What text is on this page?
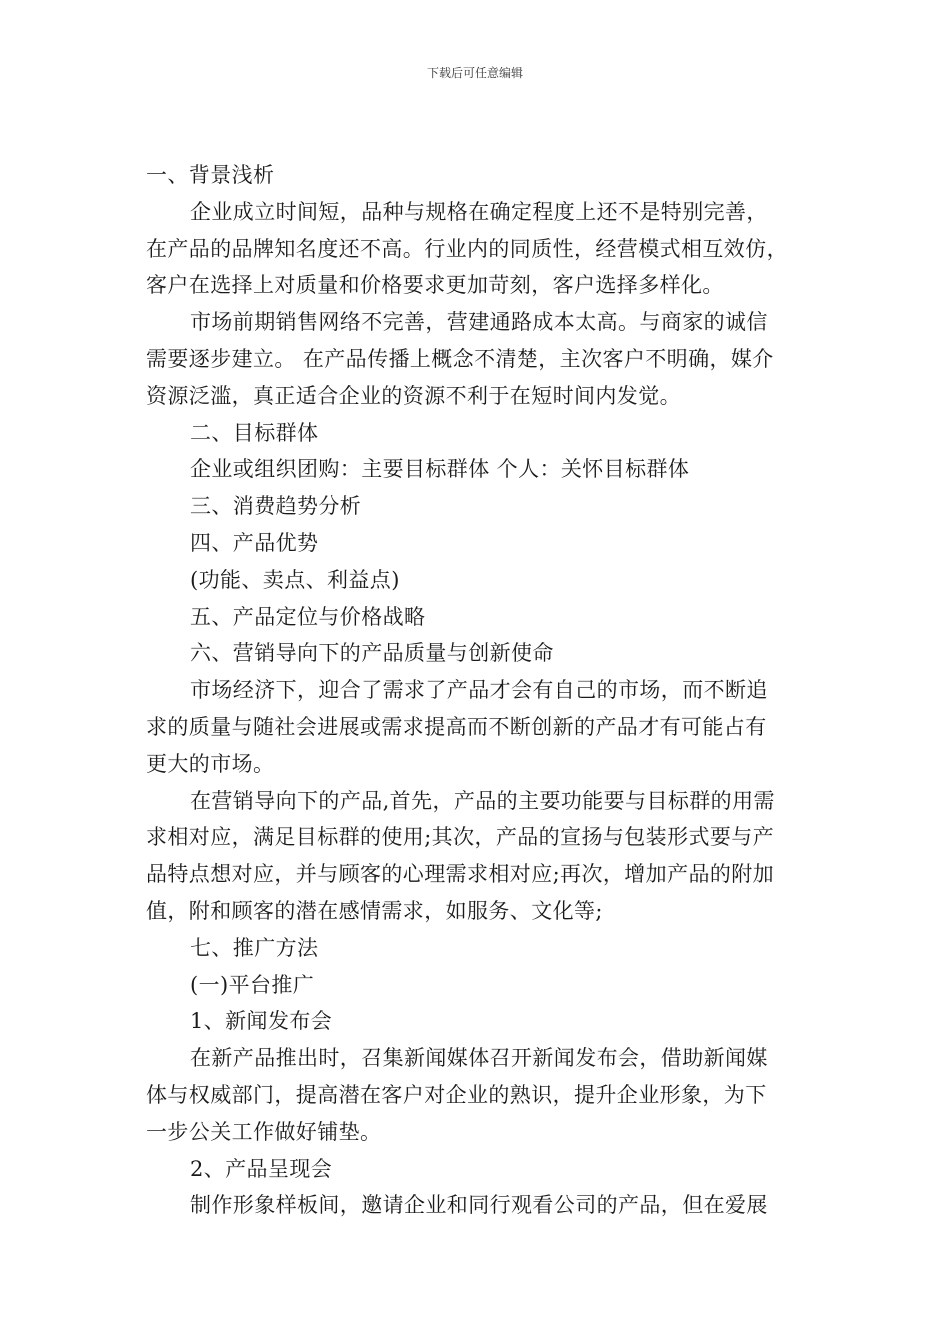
下载后可任意编辑

一、背景浅析

企业成立时间短，品种与规格在确定程度上还不是特别完善，

在产品的品牌知名度还不高。行业内的同质性，经营模式相互效仿，

客户在选择上对质量和价格要求更加苛刻，客户选择多样化。

市场前期销售网络不完善，营建通路成本太高。与商家的诚信

需要逐步建立。 在产品传播上概念不清楚，主次客户不明确，媒介

资源泛滥，真正适合企业的资源不利于在短时间内发觉。

二、目标群体

企业或组织团购：主要目标群体 个人：关怀目标群体

三、消费趋势分析

四、产品优势

(功能、卖点、利益点)

五、产品定位与价格战略

六、营销导向下的产品质量与创新使命

市场经济下，迎合了需求了产品才会有自己的市场，而不断追

求的质量与随社会进展或需求提高而不断创新的产品才有可能占有

更大的市场。

在营销导向下的产品,首先，产品的主要功能要与目标群的用需

求相对应，满足目标群的使用;其次，产品的宣扬与包装形式要与产

品特点想对应，并与顾客的心理需求相对应;再次，增加产品的附加

值，附和顾客的潜在感情需求，如服务、文化等;

七、推广方法

(一)平台推广

1、新闻发布会

在新产品推出时，召集新闻媒体召开新闻发布会，借助新闻媒

体与权威部门，提高潜在客户对企业的熟识，提升企业形象，为下

一步公关工作做好铺垫。

2、产品呈现会

制作形象样板间，邀请企业和同行观看公司的产品，但在爱展
